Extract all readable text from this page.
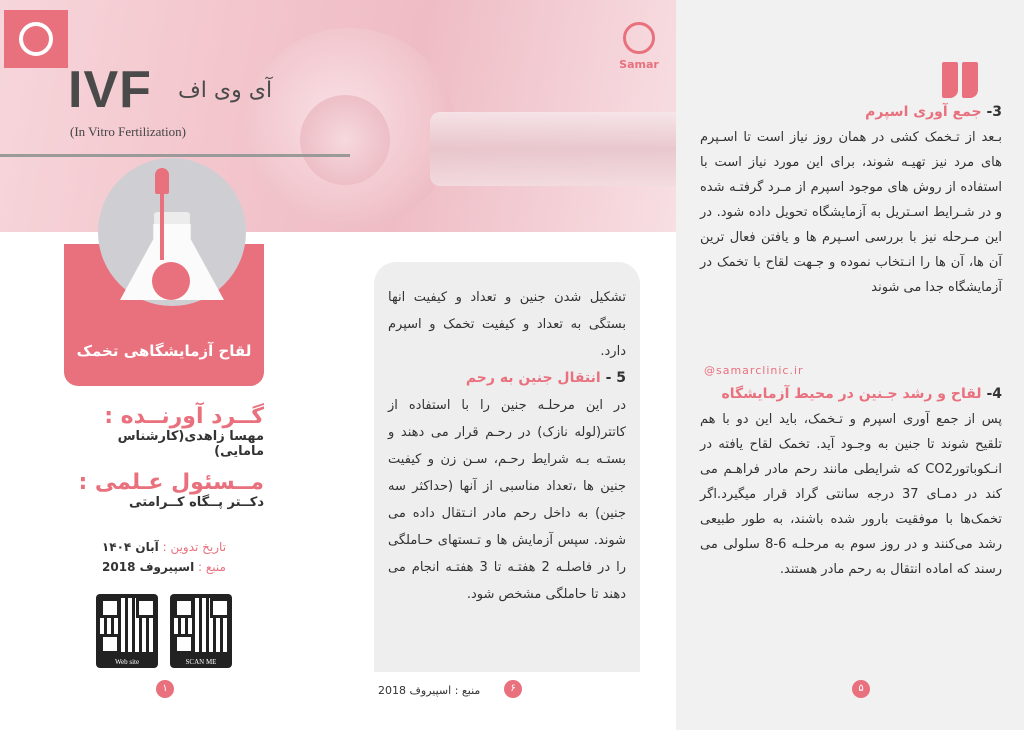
IVF آی وی اف
(In Vitro Fertilization)
Samar
لقاح آزمایشگاهی تخمک
گــرد آورنــده :
مهسا زاهدی(کارشناس مامایی)
مــسئول عـلمی :
دکــتر پــگاه کــرامتی
تاریخ تدوین : آبان ۱۴۰۴
منبع : اسپیروف 2018
Web site	SCAN ME
۱
تشکیل شدن جنین و تعداد و کیفیت انها بستگی به تعداد و کیفیت تخمک و اسپرم دارد.
5 - انتقال جنین به رحم
در این مرحلـه جنین را با استفاده از کاتتر(لوله نازک) در رحـم قرار می دهند و بستـه بـه شرایط رحـم، سـن زن و کیفیت جنین ها ،تعداد مناسبی از آنها (حداکثر سه جنین) به داخل رحم مادر انـتقال داده می شوند. سپس آزمایش ها و تـستهای حـاملگی را در فاصلـه 2 هفتـه تا 3 هفتـه انجام می دهند تا حاملگی مشخص شود.
منبع : اسپیروف 2018	۶
3- جمع آوری اسپرم
بـعد از تـخمک کشی در همان روز نیاز است تا اسـپرم های مرد نیز تهیـه شوند، برای این مورد نیاز است با استفاده از روش های موجود اسپرم از مـرد گرفتـه شده و در شـرایط اسـتریل به آزمایشگاه تحویل داده شود. در این مـرحله نیز با بررسی اسـپرم ها و یافتن فعال ترین آن ها، آن ها را انـتخاب نموده و جـهت لقاح با تخمک در آزمایشگاه جدا می شوند
@samarclinic.ir
4- لقاح و رشد جـنین در محیط آزمایشگاه
پس از جمع آوری اسپرم و تـخمک، باید این دو با هم تلقیح شوند تا جنین به وجـود آید. تخمک لقاح یافته در انـکوباتورCO2 که شرایطی مانند رحم مادر فراهـم می کند در دمـای 37 درجه سانتی گراد قرار میگیرد.اگر تخمک‌ها با موفقیت بارور شده باشند، به طور طبیعی رشد می‌کنند و در روز سوم به مرحلـه 6-8 سلولی می رسند که اماده انتقال به رحم مادر هستند.
۵
